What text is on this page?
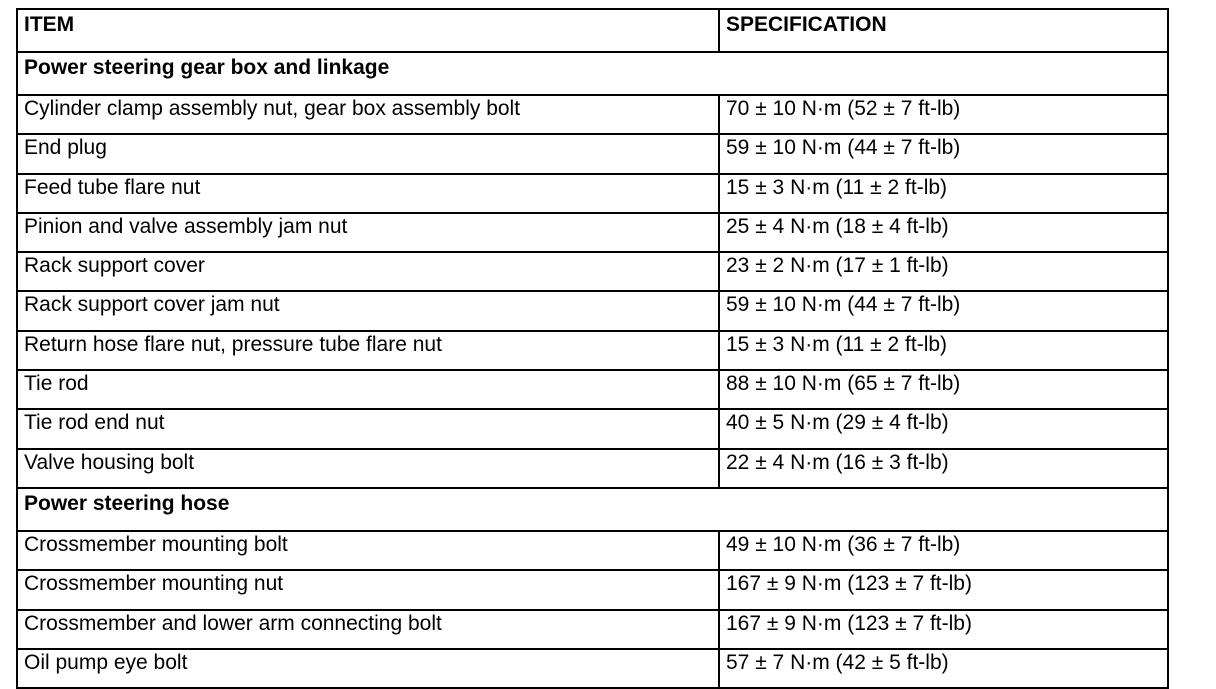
ITEM	SPECIFICATION
Power steering gear box and linkage	
Cylinder clamp assembly nut, gear box assembly bolt	70 ± 10 N·m (52 ± 7 ft-lb)
End plug	59 ± 10 N·m (44 ± 7 ft-lb)
Feed tube flare nut	15 ± 3 N·m (11 ± 2 ft-lb)
Pinion and valve assembly jam nut	25 ± 4 N·m (18 ± 4 ft-lb)
Rack support cover	23 ± 2 N·m (17 ± 1 ft-lb)
Rack support cover jam nut	59 ± 10 N·m (44 ± 7 ft-lb)
Return hose flare nut, pressure tube flare nut	15 ± 3 N·m (11 ± 2 ft-lb)
Tie rod	88 ± 10 N·m (65 ± 7 ft-lb)
Tie rod end nut	40 ± 5 N·m (29 ± 4 ft-lb)
Valve housing bolt	22 ± 4 N·m (16 ± 3 ft-lb)
Power steering hose	
Crossmember mounting bolt	49 ± 10 N·m (36 ± 7 ft-lb)
Crossmember mounting nut	167 ± 9 N·m (123 ± 7 ft-lb)
Crossmember and lower arm connecting bolt	167 ± 9 N·m (123 ± 7 ft-lb)
Oil pump eye bolt	57 ± 7 N·m (42 ± 5 ft-lb)
